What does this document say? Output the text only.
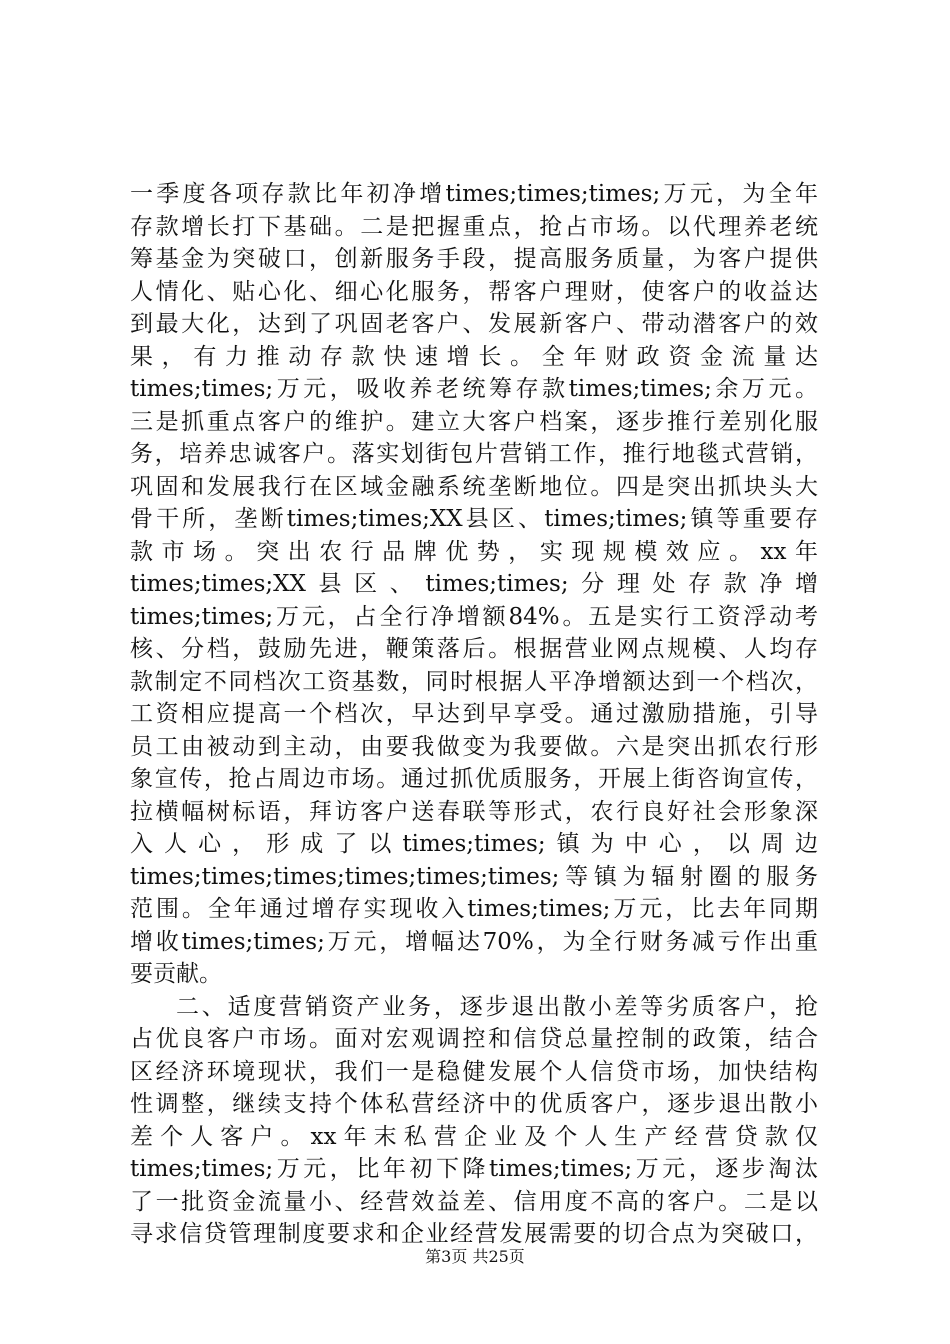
一季度各项存款比年初净增times;times;times;万元，为全年
存款增长打下基础。二是把握重点，抢占市场。以代理养老统
筹基金为突破口，创新服务手段，提高服务质量，为客户提供
人情化、贴心化、细心化服务，帮客户理财，使客户的收益达
到最大化，达到了巩固老客户、发展新客户、带动潜客户的效
果，有力推动存款快速增长。全年财政资金流量达
times;times;万元，吸收养老统筹存款times;times;余万元。
三是抓重点客户的维护。建立大客户档案，逐步推行差别化服
务，培养忠诚客户。落实划街包片营销工作，推行地毯式营销，
巩固和发展我行在区域金融系统垄断地位。四是突出抓块头大
骨干所，垄断times;times;XX县区、times;times;镇等重要存
款市场。突出农行品牌优势，实现规模效应。xx年
times;times;XX县区、times;times;分理处存款净增
times;times;万元，占全行净增额84%。五是实行工资浮动考
核、分档，鼓励先进，鞭策落后。根据营业网点规模、人均存
款制定不同档次工资基数，同时根据人平净增额达到一个档次，
工资相应提高一个档次，早达到早享受。通过激励措施，引导
员工由被动到主动，由要我做变为我要做。六是突出抓农行形
象宣传，抢占周边市场。通过抓优质服务，开展上街咨询宣传，
拉横幅树标语，拜访客户送春联等形式，农行良好社会形象深
入人心，形成了以times;times;镇为中心，以周边
times;times;times;times;times;times;等镇为辐射圈的服务
范围。全年通过增存实现收入times;times;万元，比去年同期
增收times;times;万元，增幅达70%，为全行财务减亏作出重
要贡献。
二、适度营销资产业务，逐步退出散小差等劣质客户，抢
占优良客户市场。面对宏观调控和信贷总量控制的政策，结合
区经济环境现状，我们一是稳健发展个人信贷市场，加快结构
性调整，继续支持个体私营经济中的优质客户，逐步退出散小
差个人客户。xx年末私营企业及个人生产经营贷款仅
times;times;万元，比年初下降times;times;万元，逐步淘汰
了一批资金流量小、经营效益差、信用度不高的客户。二是以
寻求信贷管理制度要求和企业经营发展需要的切合点为突破口，
第3页 共25页
